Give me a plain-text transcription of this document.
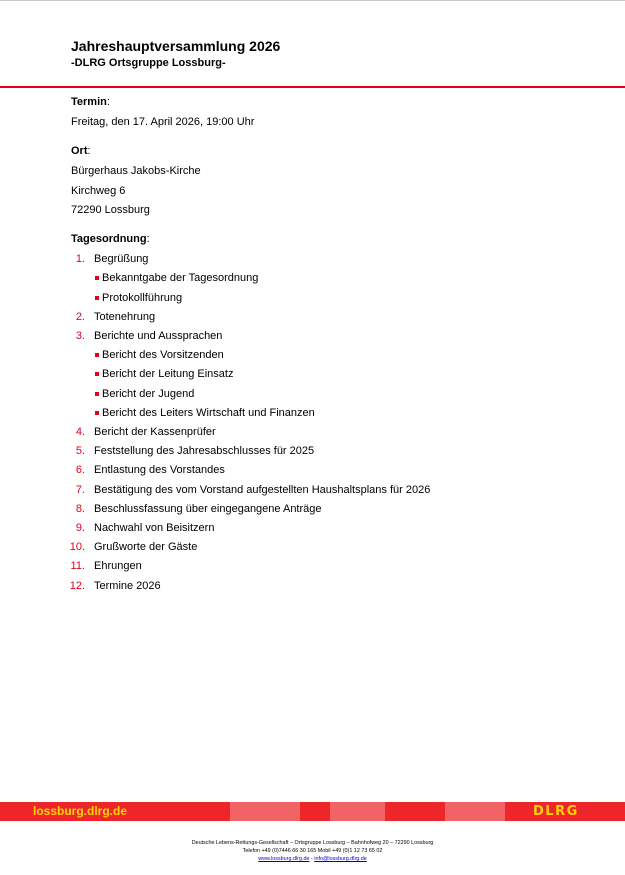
Jahreshauptversammlung 2026
-DLRG Ortsgruppe Lossburg-
Termin:
Freitag, den 17. April 2026, 19:00 Uhr
Ort:
Bürgerhaus Jakobs-Kirche
Kirchweg 6
72290 Lossburg
Tagesordnung:
1. Begrüßung
Bekanntgabe der Tagesordnung
Protokollführung
2. Totenehrung
3. Berichte und Aussprachen
Bericht des Vorsitzenden
Bericht der Leitung Einsatz
Bericht der Jugend
Bericht des Leiters Wirtschaft und Finanzen
4. Bericht der Kassenprüfer
5. Feststellung des Jahresabschlusses für 2025
6. Entlastung des Vorstandes
7. Bestätigung des vom Vorstand aufgestellten Haushaltsplans für 2026
8. Beschlussfassung über eingegangene Anträge
9. Nachwahl von Beisitzern
10. Grußworte der Gäste
11. Ehrungen
12. Termine 2026
lossburg.dlrg.de	DLRG
Deutsche Lebens-Rettungs-Gesellschaft – Ortsgruppe Lossburg – Bahnhofweg 20 – 72290 Lossburg
Telefon +49 (0)7446 66 30 165 Mobil +49 (0)1 12 73 65 02
www.lossburg.dlrg.de - info@lossburg.dlrg.de
